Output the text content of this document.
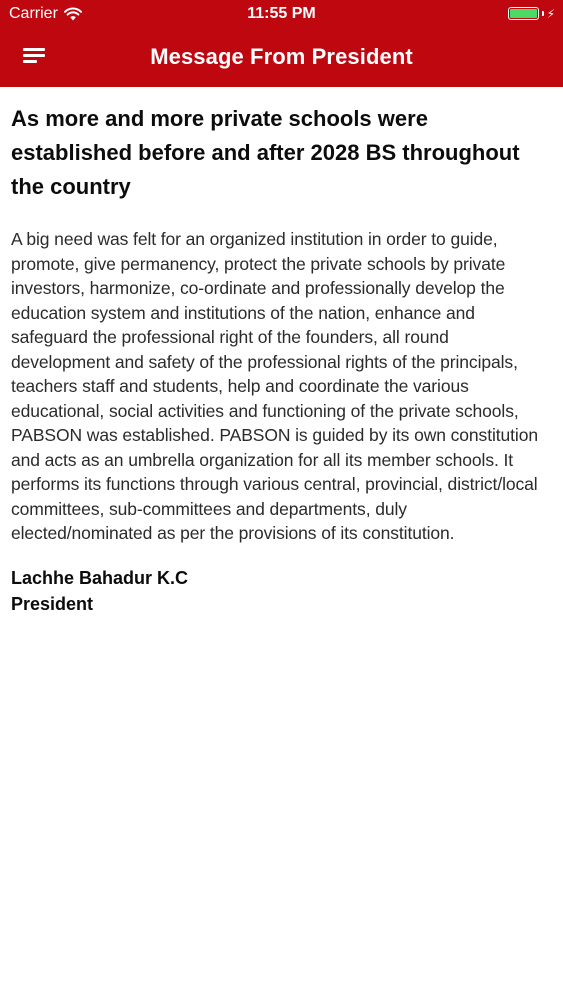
Carrier	11:55 PM	⚡
Message From President
As more and more private schools were established before and after 2028 BS throughout the country

A big need was felt for an organized institution in order to guide, promote, give permanency, protect the private schools by private investors, harmonize, co-ordinate and professionally develop the education system and institutions of the nation, enhance and safeguard the professional right of the founders, all round development and safety of the professional rights of the principals, teachers staff and students, help and coordinate the various educational, social activities and functioning of the private schools, PABSON was established. PABSON is guided by its own constitution and acts as an umbrella organization for all its member schools. It performs its functions through various central, provincial, district/local committees, sub-committees and departments, duly elected/nominated as per the provisions of its constitution.

Lachhe Bahadur K.C
President
